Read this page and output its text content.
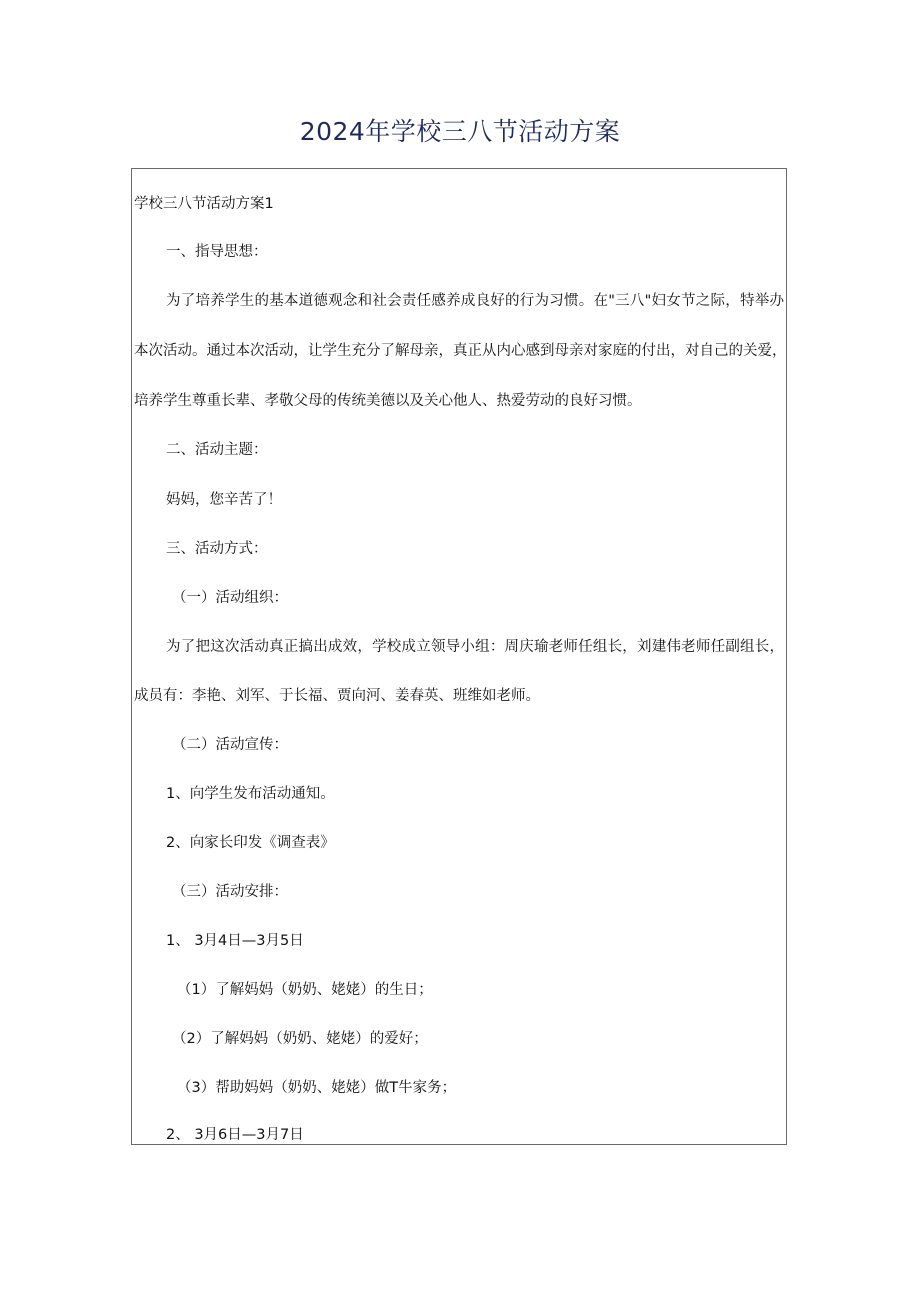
2024年学校三八节活动方案
学校三八节活动方案1
一、指导思想：
为了培养学生的基本道德观念和社会责任感养成良好的行为习惯。在"三八"妇女节之际，特举办
本次活动。通过本次活动，让学生充分了解母亲，真正从内心感到母亲对家庭的付出，对自己的关爱，
培养学生尊重长辈、孝敬父母的传统美德以及关心他人、热爱劳动的良好习惯。
二、活动主题：
妈妈，您辛苦了！
三、活动方式：
（一）活动组织：
为了把这次活动真正搞出成效，学校成立领导小组：周庆瑜老师任组长，刘建伟老师任副组长，
成员有：李艳、刘军、于长福、贾向河、姜春英、班维如老师。
（二）活动宣传：
1、向学生发布活动通知。
2、向家长印发《调查表》
（三）活动安排：
1、 3月4日—3月5日
（1）了解妈妈（奶奶、姥姥）的生日；
（2）了解妈妈（奶奶、姥姥）的爱好；
（3）帮助妈妈（奶奶、姥姥）做T牛家务；
2、 3月6日—3月7日
